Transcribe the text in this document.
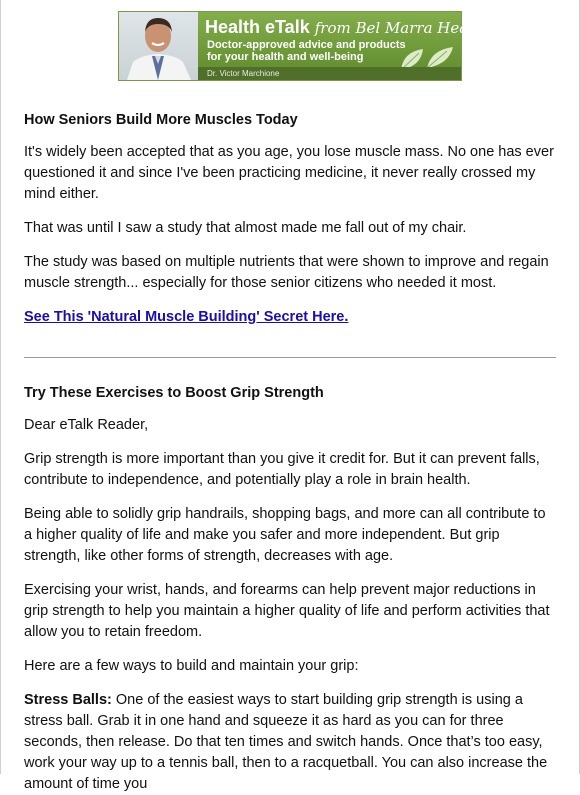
Health eTalk from Bel Marra Health
Doctor-approved advice and products for your health and well-being
Dr. Victor Marchione
How Seniors Build More Muscles Today

It's widely been accepted that as you age, you lose muscle mass. No one has ever questioned it and since I've been practicing medicine, it never really crossed my mind either.

That was until I saw a study that almost made me fall out of my chair.

The study was based on multiple nutrients that were shown to improve and regain muscle strength... especially for those senior citizens who needed it most.

See This 'Natural Muscle Building' Secret Here.

Try These Exercises to Boost Grip Strength

Dear eTalk Reader,

Grip strength is more important than you give it credit for. But it can prevent falls, contribute to independence, and potentially play a role in brain health.

Being able to solidly grip handrails, shopping bags, and more can all contribute to a higher quality of life and make you safer and more independent. But grip strength, like other forms of strength, decreases with age.

Exercising your wrist, hands, and forearms can help prevent major reductions in grip strength to help you maintain a higher quality of life and perform activities that allow you to retain freedom.

Here are a few ways to build and maintain your grip:

Stress Balls: One of the easiest ways to start building grip strength is using a stress ball. Grab it in one hand and squeeze it as hard as you can for three seconds, then release. Do that ten times and switch hands. Once that’s too easy, work your way up to a tennis ball, then to a racquetball. You can also increase the amount of time you
